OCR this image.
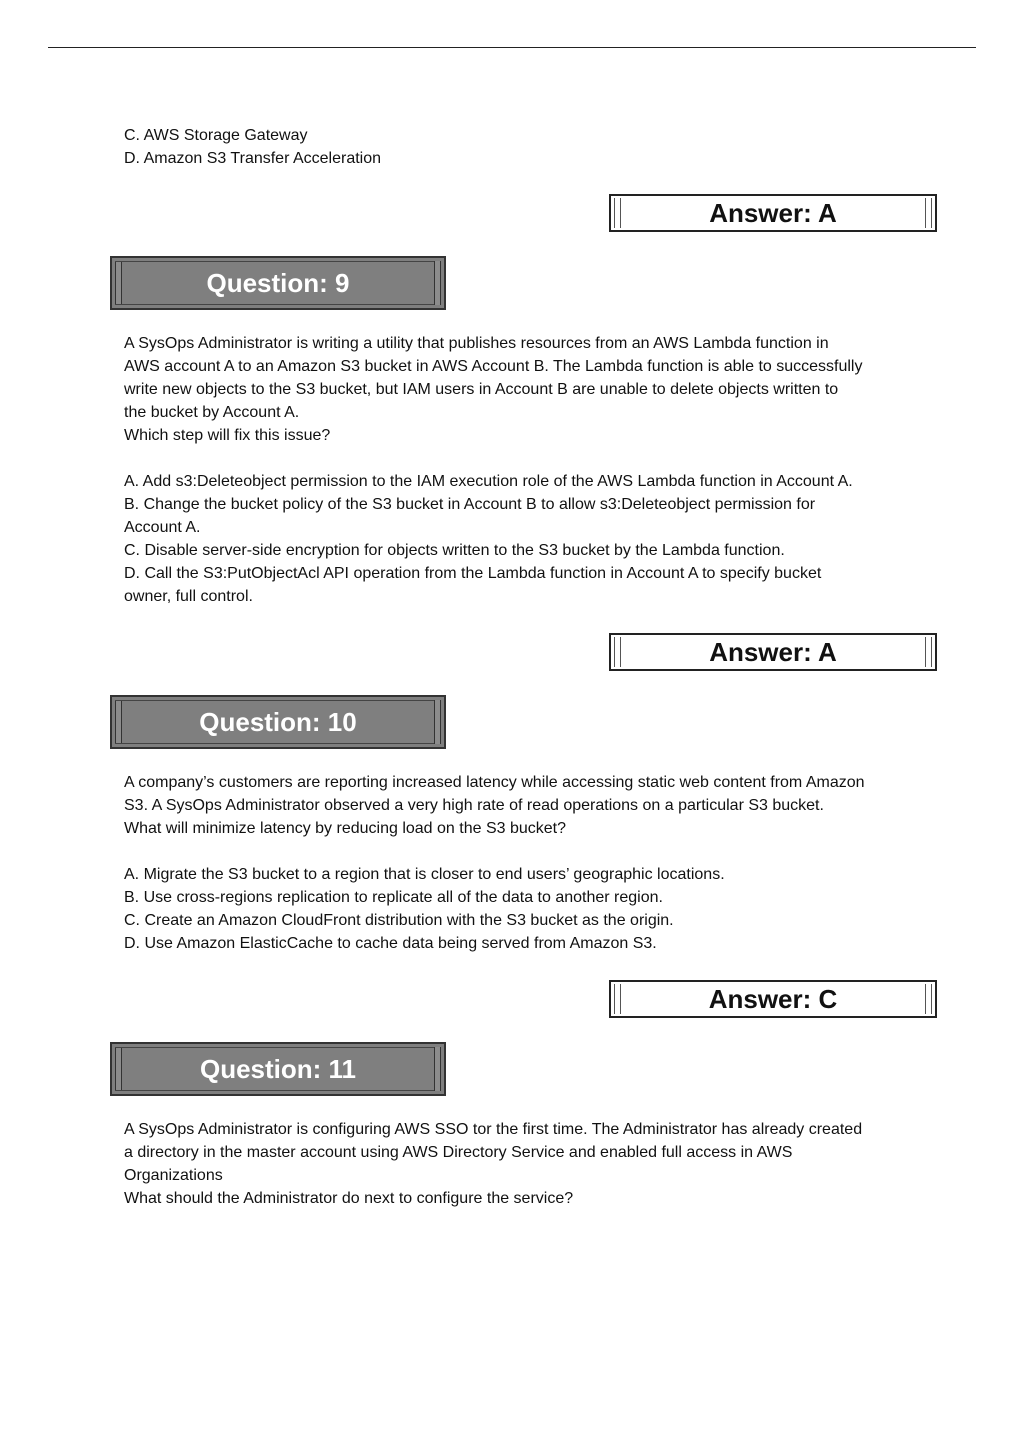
C. AWS Storage Gateway
D. Amazon S3 Transfer Acceleration
Answer: A
Question: 9
A SysOps Administrator is writing a utility that publishes resources from an AWS Lambda function in
AWS account A to an Amazon S3 bucket in AWS Account B. The Lambda function is able to successfully
write new objects to the S3 bucket, but IAM users in Account B are unable to delete objects written to
the bucket by Account A.
Which step will fix this issue?
A. Add s3:Deleteobject permission to the IAM execution role of the AWS Lambda function in Account A.
B. Change the bucket policy of the S3 bucket in Account B to allow s3:Deleteobject permission for
Account A.
C. Disable server-side encryption for objects written to the S3 bucket by the Lambda function.
D. Call the S3:PutObjectAcl API operation from the Lambda function in Account A to specify bucket
owner, full control.
Answer: A
Question: 10
A company’s customers are reporting increased latency while accessing static web content from Amazon
S3. A SysOps Administrator observed a very high rate of read operations on a particular S3 bucket.
What will minimize latency by reducing load on the S3 bucket?
A. Migrate the S3 bucket to a region that is closer to end users’ geographic locations.
B. Use cross-regions replication to replicate all of the data to another region.
C. Create an Amazon CloudFront distribution with the S3 bucket as the origin.
D. Use Amazon ElasticCache to cache data being served from Amazon S3.
Answer: C
Question: 11
A SysOps Administrator is configuring AWS SSO tor the first time. The Administrator has already created
a directory in the master account using AWS Directory Service and enabled full access in AWS
Organizations
What should the Administrator do next to configure the service?
